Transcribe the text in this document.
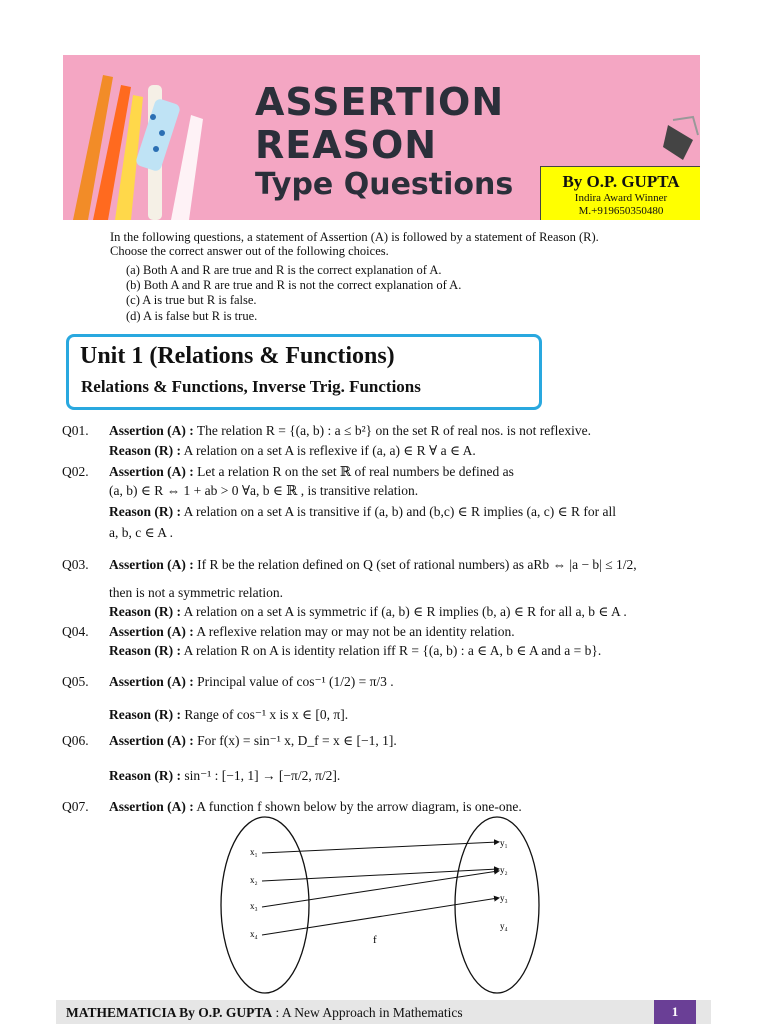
ASSERTION
REASON
Type Questions	By O.P. GUPTA
Indira Award Winner
M.+919650350480
In the following questions, a statement of Assertion (A) is followed by a statement of Reason (R).
Choose the correct answer out of the following choices.
(a) Both A and R are true and R is the correct explanation of A.
(b) Both A and R are true and R is not the correct explanation of A.
(c) A is true but R is false.
(d) A is false but R is true.
Unit 1 (Relations & Functions)
Relations & Functions, Inverse Trig. Functions
Q01. Assertion (A) : The relation R = {(a, b) : a ≤ b²} on the set R of real nos. is not reflexive.
Reason (R) : A relation on a set A is reflexive if (a, a) ∈ R ∀ a ∈ A.
Q02. Assertion (A) : Let a relation R on the set ℝ of real numbers be defined as
(a, b) ∈ R ⇔ 1 + ab > 0 ∀a, b ∈ ℝ , is transitive relation.
Reason (R) : A relation on a set A is transitive if (a, b) and (b,c) ∈ R implies (a, c) ∈ R for all
a, b, c ∈ A .
Q03. Assertion (A) : If R be the relation defined on Q (set of rational numbers) as aRb ⇔ |a − b| ≤ 1/2,
then is not a symmetric relation.
Reason (R) : A relation on a set A is symmetric if (a, b) ∈ R implies (b, a) ∈ R for all a, b ∈ A .
Q04. Assertion (A) : A reflexive relation may or may not be an identity relation.
Reason (R) : A relation R on A is identity relation iff R = {(a, b) : a ∈ A, b ∈ A and a = b}.
Q05. Assertion (A) : Principal value of cos⁻¹ (1/2) = π/3 .
Reason (R) : Range of cos⁻¹ x is x ∈ [0, π].
Q06. Assertion (A) : For f(x) = sin⁻¹ x, D_f = x ∈ [−1, 1].
Reason (R) : sin⁻¹ : [−1, 1] → [−π/2, π/2].
Q07. Assertion (A) : A function f shown below by the arrow diagram, is one-one.
x₁
x₂
x₃
x₄
y₁
y₂
y₃
y₄
f
MATHEMATICIA By O.P. GUPTA : A New Approach in Mathematics	1
